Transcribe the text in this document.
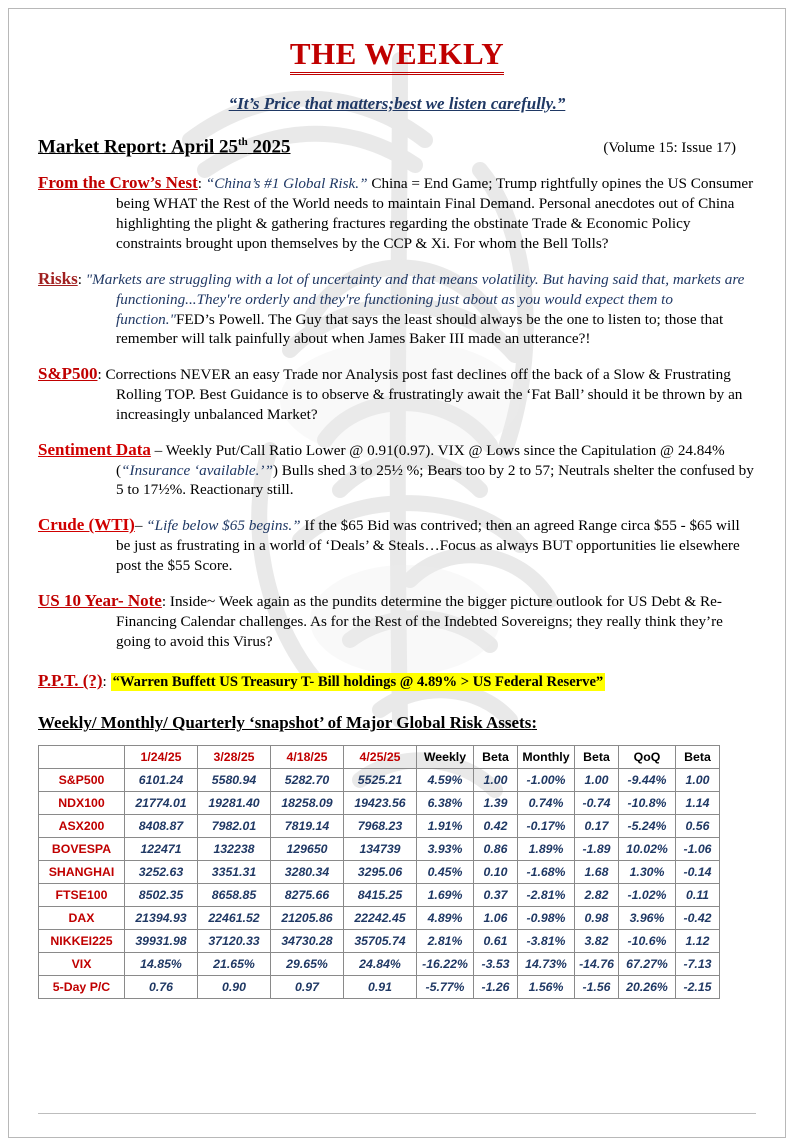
THE WEEKLY
“It’s Price that matters;best we listen carefully.”
Market Report: April 25th 2025	(Volume 15: Issue 17)
From the Crow’s Nest: “China’s #1 Global Risk.” China = End Game; Trump rightfully opines the US Consumer being WHAT the Rest of the World needs to maintain Final Demand. Personal anecdotes out of China highlighting the plight & gathering fractures regarding the obstinate Trade & Economic Policy constraints brought upon themselves by the CCP & Xi. For whom the Bell Tolls?
Risks: "Markets are struggling with a lot of uncertainty and that means volatility. But having said that, markets are functioning...They're orderly and they're functioning just about as you would expect them to function."FED’s Powell. The Guy that says the least should always be the one to listen to; those that remember will talk painfully about when James Baker III made an utterance?!
S&P500: Corrections NEVER an easy Trade nor Analysis post fast declines off the back of a Slow & Frustrating Rolling TOP. Best Guidance is to observe & frustratingly await the ‘Fat Ball’ should it be thrown by an increasingly unbalanced Market?
Sentiment Data – Weekly Put/Call Ratio Lower @ 0.91(0.97). VIX @ Lows since the Capitulation @ 24.84% (“Insurance ‘available.’”) Bulls shed 3 to 25½ %; Bears too by 2 to 57; Neutrals shelter the confused by 5 to 17½%. Reactionary still.
Crude (WTI)– “Life below $65 begins.” If the $65 Bid was contrived; then an agreed Range circa $55 - $65 will be just as frustrating in a world of ‘Deals’ & Steals…Focus as always BUT opportunities lie elsewhere post the $55 Score.
US 10 Year- Note: Inside~ Week again as the pundits determine the bigger picture outlook for US Debt & Re- Financing Calendar challenges. As for the Rest of the Indebted Sovereigns; they really think they’re going to avoid this Virus?
P.P.T. (?): “Warren Buffett US Treasury T- Bill holdings @ 4.89% > US Federal Reserve”
Weekly/ Monthly/ Quarterly ‘snapshot’ of Major Global Risk Assets:
	1/24/25	3/28/25	4/18/25	4/25/25	Weekly	Beta	Monthly	Beta	QoQ	Beta
S&P500	6101.24	5580.94	5282.70	5525.21	4.59%	1.00	-1.00%	1.00	-9.44%	1.00
NDX100	21774.01	19281.40	18258.09	19423.56	6.38%	1.39	0.74%	-0.74	-10.8%	1.14
ASX200	8408.87	7982.01	7819.14	7968.23	1.91%	0.42	-0.17%	0.17	-5.24%	0.56
BOVESPA	122471	132238	129650	134739	3.93%	0.86	1.89%	-1.89	10.02%	-1.06
SHANGHAI	3252.63	3351.31	3280.34	3295.06	0.45%	0.10	-1.68%	1.68	1.30%	-0.14
FTSE100	8502.35	8658.85	8275.66	8415.25	1.69%	0.37	-2.81%	2.82	-1.02%	0.11
DAX	21394.93	22461.52	21205.86	22242.45	4.89%	1.06	-0.98%	0.98	3.96%	-0.42
NIKKEI225	39931.98	37120.33	34730.28	35705.74	2.81%	0.61	-3.81%	3.82	-10.6%	1.12
VIX	14.85%	21.65%	29.65%	24.84%	-16.22%	-3.53	14.73%	-14.76	67.27%	-7.13
5-Day P/C	0.76	0.90	0.97	0.91	-5.77%	-1.26	1.56%	-1.56	20.26%	-2.15
